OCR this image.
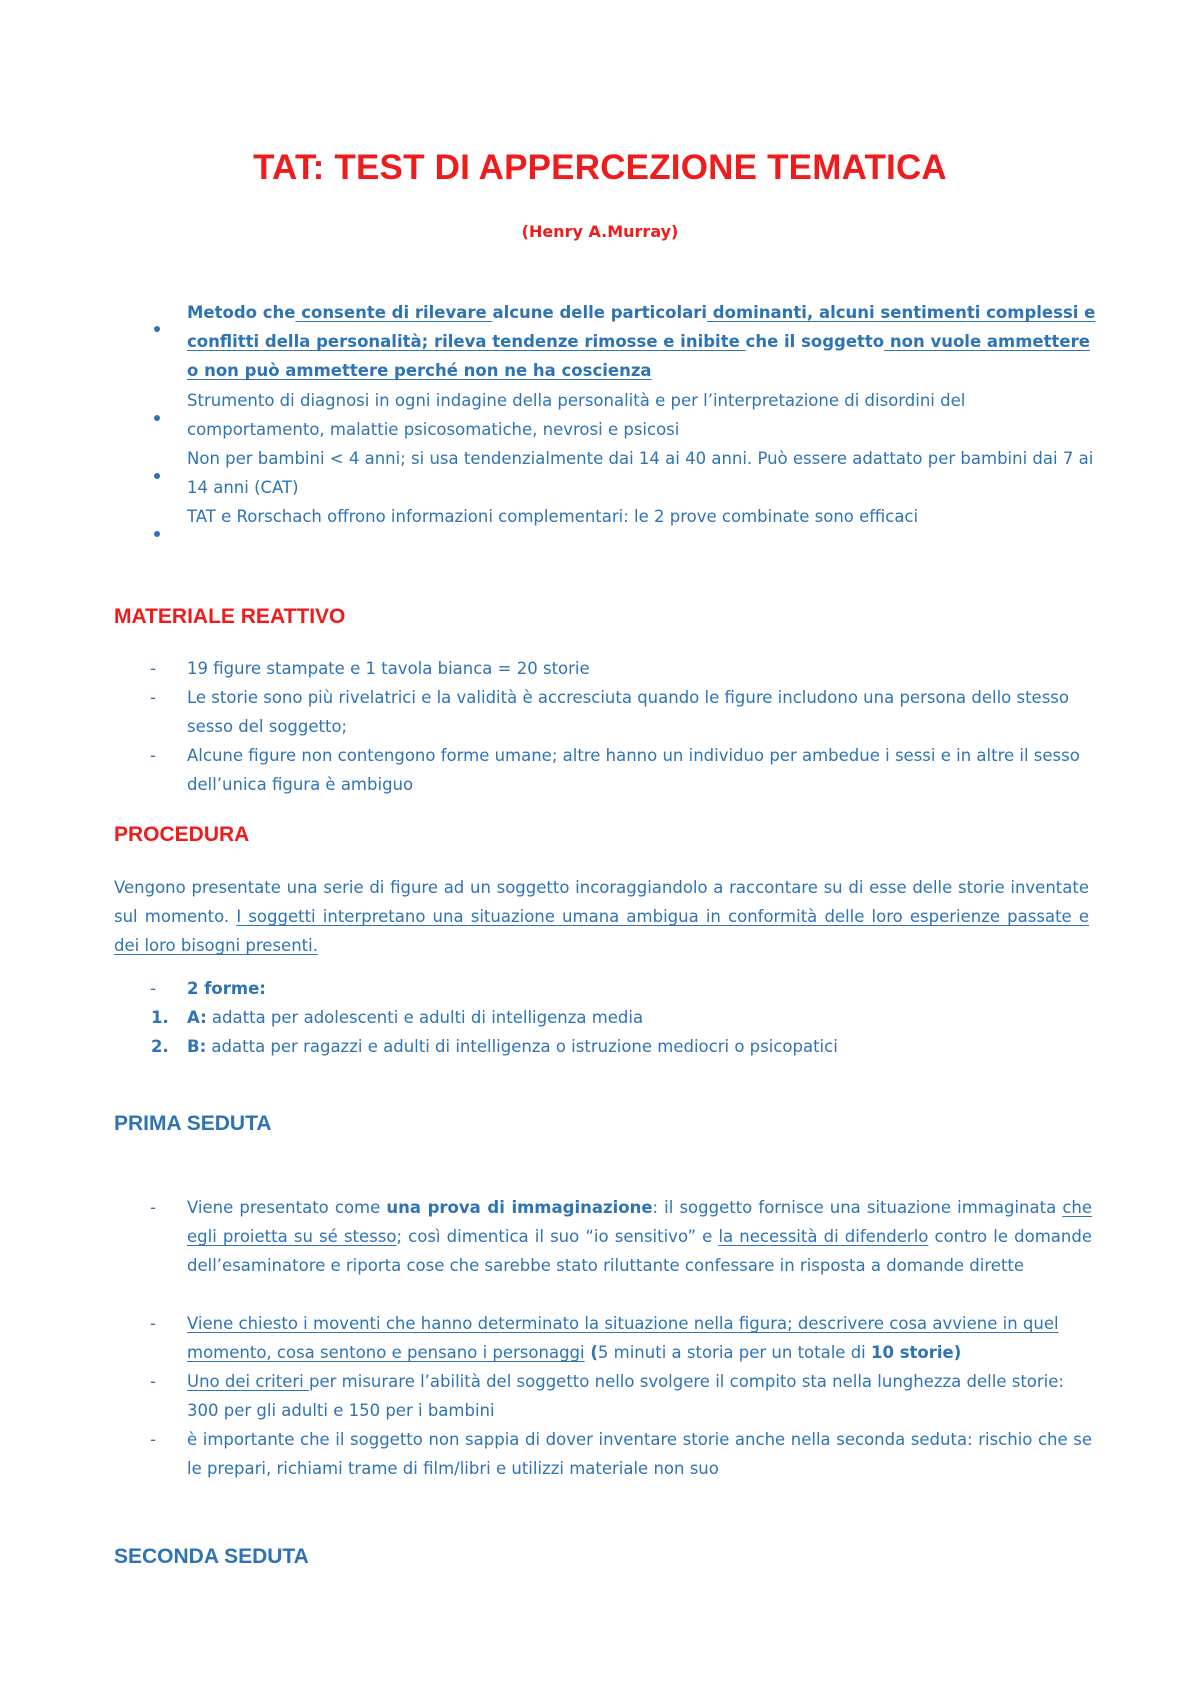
TAT: TEST DI APPERCEZIONE TEMATICA
(Henry A.Murray)
Metodo che consente di rilevare alcune delle particolari dominanti, alcuni sentimenti complessi e conflitti della personalità; rileva tendenze rimosse e inibite che il soggetto non vuole ammettere o non può ammettere perché non ne ha coscienza
Strumento di diagnosi in ogni indagine della personalità e per l’interpretazione di disordini del comportamento, malattie psicosomatiche, nevrosi e psicosi
Non per bambini < 4 anni; si usa tendenzialmente dai 14 ai 40 anni. Può essere adattato per bambini dai 7 ai 14 anni (CAT)
TAT e Rorschach offrono informazioni complementari: le 2 prove combinate sono efficaci
MATERIALE REATTIVO
- 19 figure stampate e 1 tavola bianca = 20 storie
- Le storie sono più rivelatrici e la validità è accresciuta quando le figure includono una persona dello stesso sesso del soggetto;
- Alcune figure non contengono forme umane; altre hanno un individuo per ambedue i sessi e in altre il sesso dell’unica figura è ambiguo
PROCEDURA
Vengono presentate una serie di figure ad un soggetto incoraggiandolo a raccontare su di esse delle storie inventate sul momento. I soggetti interpretano una situazione umana ambigua in conformità delle loro esperienze passate e dei loro bisogni presenti.
- 2 forme:
1. A: adatta per adolescenti e adulti di intelligenza media
2. B: adatta per ragazzi e adulti di intelligenza o istruzione mediocri o psicopatici
PRIMA SEDUTA
- Viene presentato come una prova di immaginazione: il soggetto fornisce una situazione immaginata che egli proietta su sé stesso; così dimentica il suo “io sensitivo” e la necessità di difenderlo contro le domande dell’esaminatore e riporta cose che sarebbe stato riluttante confessare in risposta a domande dirette
- Viene chiesto i moventi che hanno determinato la situazione nella figura; descrivere cosa avviene in quel momento, cosa sentono e pensano i personaggi (5 minuti a storia per un totale di 10 storie)
- Uno dei criteri per misurare l’abilità del soggetto nello svolgere il compito sta nella lunghezza delle storie: 300 per gli adulti e 150 per i bambini
- è importante che il soggetto non sappia di dover inventare storie anche nella seconda seduta: rischio che se le prepari, richiami trame di film/libri e utilizzi materiale non suo
SECONDA SEDUTA
